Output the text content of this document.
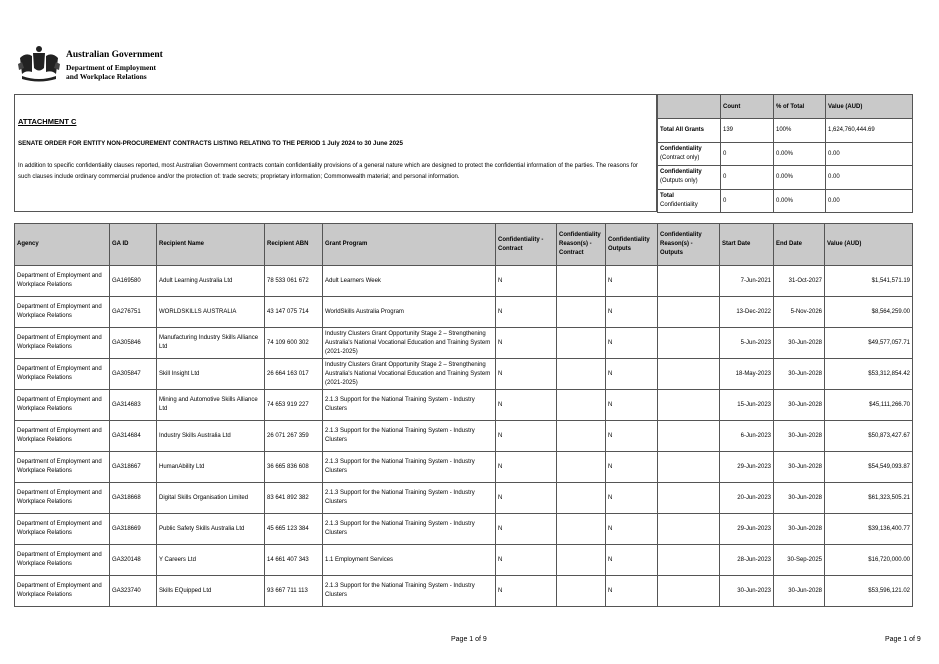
Australian Government
Department of Employment
and Workplace Relations
ATTACHMENT C
SENATE ORDER FOR ENTITY NON-PROCUREMENT CONTRACTS LISTING RELATING TO THE PERIOD 1 July 2024 to 30 June 2025
In addition to specific confidentiality clauses reported, most Australian Government contracts contain confidentiality provisions of a general nature which are designed to protect the confidential information of the parties. The reasons for such clauses include ordinary commercial prudence and/or the protection of: trade secrets; proprietary information; Commonwealth material; and personal information.
	Count	% of Total	Value (AUD)
Total All Grants	139	100%	1,624,760,444.69
Confidentiality
(Contract only)	0	0.00%	0.00
Confidentiality
(Outputs only)	0	0.00%	0.00
Total
Confidentiality	0	0.00%	0.00
Agency	GA ID	Recipient Name	Recipient ABN	Grant Program	Confidentiality - Contract	Confidentiality Reason(s) - Contract	Confidentiality Outputs	Confidentiality Reason(s) - Outputs	Start Date	End Date	Value (AUD)
Department of Employment and Workplace Relations	GA169580	Adult Learning Australia Ltd	78 533 061 672	Adult Learners Week	N		N		7-Jun-2021	31-Oct-2027	$1,541,571.19
Department of Employment and Workplace Relations	GA276751	WORLDSKILLS AUSTRALIA	43 147 075 714	WorldSkills Australia Program	N		N		13-Dec-2022	5-Nov-2026	$8,564,259.00
Department of Employment and Workplace Relations	GA305846	Manufacturing Industry Skills Alliance Ltd	74 109 600 302	Industry Clusters Grant Opportunity Stage 2 – Strengthening Australia's National Vocational Education and Training System (2021-2025)	N		N		5-Jun-2023	30-Jun-2028	$49,577,057.71
Department of Employment and Workplace Relations	GA305847	Skill Insight Ltd	26 664 163 017	Industry Clusters Grant Opportunity Stage 2 – Strengthening Australia's National Vocational Education and Training System (2021-2025)	N		N		18-May-2023	30-Jun-2028	$53,312,854.42
Department of Employment and Workplace Relations	GA314683	Mining and Automotive Skills Alliance Ltd	74 653 919 227	2.1.3 Support for the National Training System - Industry Clusters	N		N		15-Jun-2023	30-Jun-2028	$45,111,266.70
Department of Employment and Workplace Relations	GA314684	Industry Skills Australia Ltd	26 071 267 359	2.1.3 Support for the National Training System - Industry Clusters	N		N		6-Jun-2023	30-Jun-2028	$50,873,427.67
Department of Employment and Workplace Relations	GA318667	HumanAbility Ltd	36 665 836 608	2.1.3 Support for the National Training System - Industry Clusters	N		N		29-Jun-2023	30-Jun-2028	$54,549,093.87
Department of Employment and Workplace Relations	GA318668	Digital Skills Organisation Limited	83 641 892 382	2.1.3 Support for the National Training System - Industry Clusters	N		N		20-Jun-2023	30-Jun-2028	$61,323,505.21
Department of Employment and Workplace Relations	GA318669	Public Safety Skills Australia Ltd	45 665 123 384	2.1.3 Support for the National Training System - Industry Clusters	N		N		29-Jun-2023	30-Jun-2028	$39,136,400.77
Department of Employment and Workplace Relations	GA320148	Y Careers Ltd	14 661 407 343	1.1 Employment Services	N		N		28-Jun-2023	30-Sep-2025	$16,720,000.00
Department of Employment and Workplace Relations	GA323740	Skills EQuipped Ltd	93 667 711 113	2.1.3 Support for the National Training System - Industry Clusters	N		N		30-Jun-2023	30-Jun-2028	$53,596,121.02
Page 1 of 9	Page 1 of 9
